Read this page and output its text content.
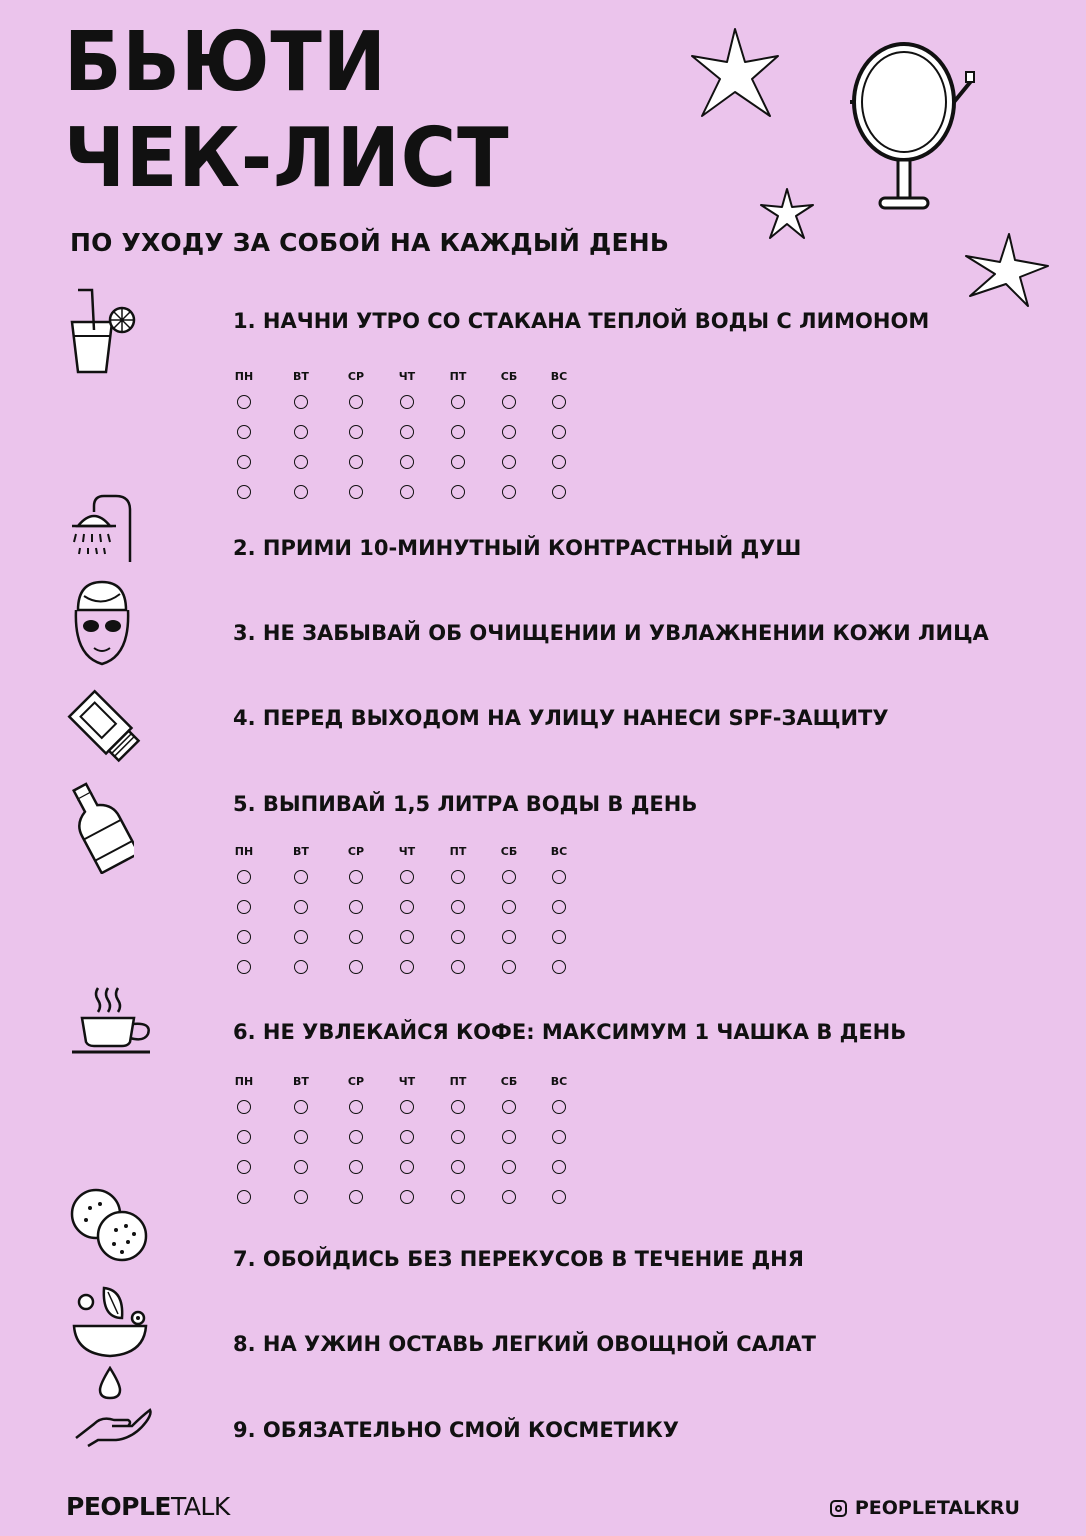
БЬЮТИ
ЧЕК-ЛИСТ
ПО УХОДУ ЗА СОБОЙ НА КАЖДЫЙ ДЕНЬ
1. НАЧНИ УТРО СО СТАКАНА ТЕПЛОЙ ВОДЫ С ЛИМОНОМ
2. ПРИМИ 10-МИНУТНЫЙ КОНТРАСТНЫЙ ДУШ
3. НЕ ЗАБЫВАЙ ОБ ОЧИЩЕНИИ И УВЛАЖНЕНИИ КОЖИ ЛИЦА
4. ПЕРЕД ВЫХОДОМ НА УЛИЦУ НАНЕСИ SPF-ЗАЩИТУ
5. ВЫПИВАЙ 1,5 ЛИТРА ВОДЫ В ДЕНЬ
6. НЕ УВЛЕКАЙСЯ КОФЕ: МАКСИМУМ 1 ЧАШКА В ДЕНЬ
7. ОБОЙДИСЬ БЕЗ ПЕРЕКУСОВ В ТЕЧЕНИЕ ДНЯ
8. НА УЖИН ОСТАВЬ ЛЕГКИЙ ОВОЩНОЙ САЛАТ
9. ОБЯЗАТЕЛЬНО СМОЙ КОСМЕТИКУ
ПН	ВТ	СР	ЧТ	ПТ	СБ	ВС
ПН	ВТ	СР	ЧТ	ПТ	СБ	ВС
ПН	ВТ	СР	ЧТ	ПТ	СБ	ВС
PEOPLETALK	PEOPLETALKRU
